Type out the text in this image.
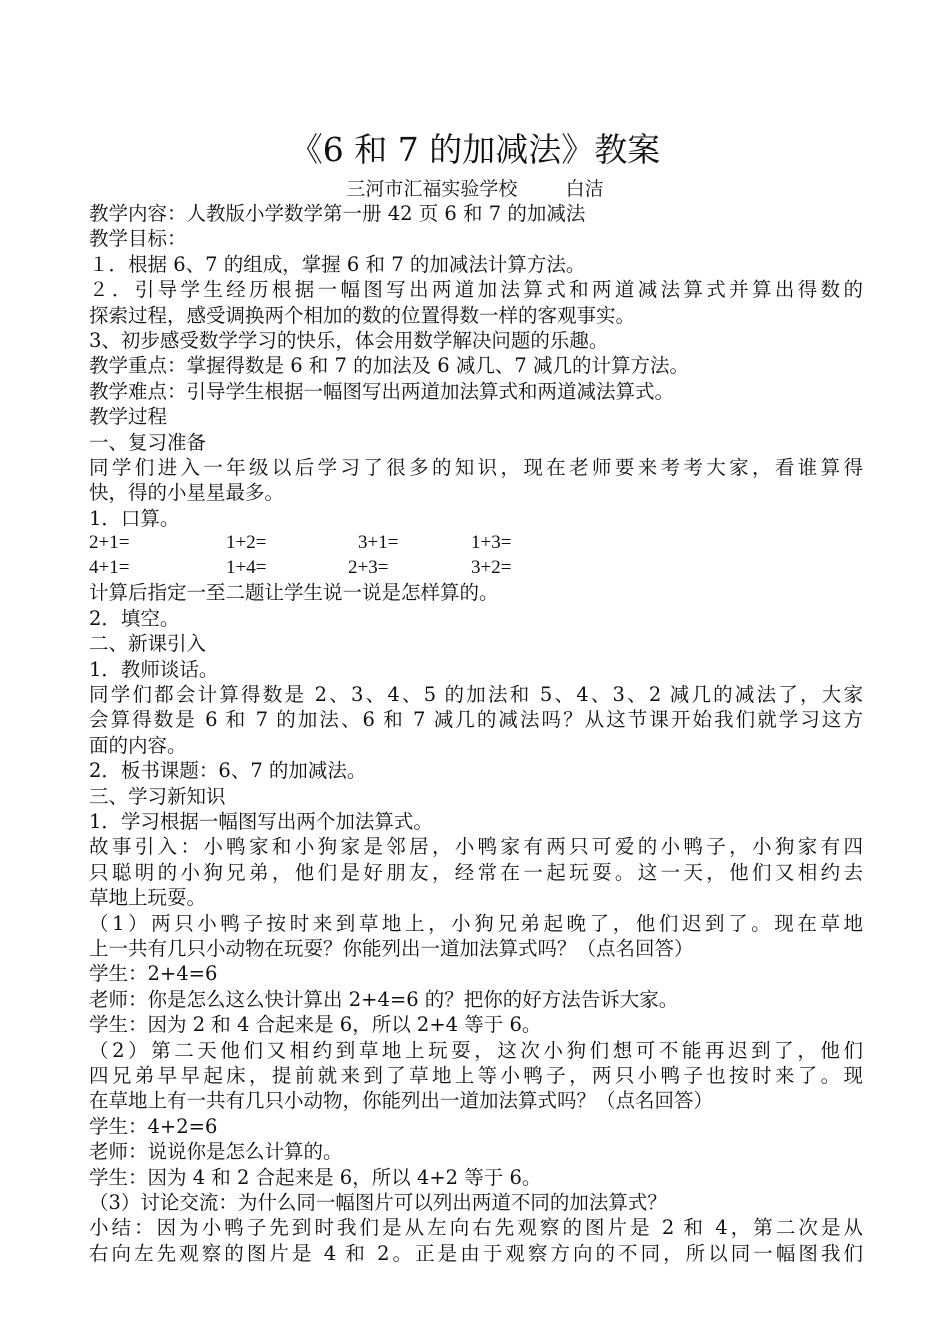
《6 和 7 的加减法》教案
三河市汇福实验学校        白洁

教学内容：人教版小学数学第一册 42 页 6 和 7 的加减法

教学目标：

１．根据 6、7 的组成，掌握 6 和 7 的加减法计算方法。

２．引导学生经历根据一幅图写出两道加法算式和两道减法算式并算出得数的

探索过程，感受调换两个相加的数的位置得数一样的客观事实。

3、初步感受数学学习的快乐，体会用数学解决问题的乐趣。

教学重点：掌握得数是 6 和 7 的加法及 6 减几、7 减几的计算方法。

教学难点：引导学生根据一幅图写出两道加法算式和两道减法算式。

教学过程

一、复习准备

同学们进入一年级以后学习了很多的知识，现在老师要来考考大家，看谁算得

快，得的小星星最多。

1．口算。

2+1=	1+2=	3+1=	1+3=
4+1=	1+4=	2+3=	3+2=

计算后指定一至二题让学生说一说是怎样算的。

2．填空。

二、新课引入

1．教师谈话。

同学们都会计算得数是 2、3、4、5 的加法和 5、4、3、2 减几的减法了，大家

会算得数是 6 和 7 的加法、6 和 7 减几的减法吗？从这节课开始我们就学习这方

面的内容。

2．板书课题：6、7 的加减法。

三、学习新知识

1．学习根据一幅图写出两个加法算式。

故事引入：小鸭家和小狗家是邻居，小鸭家有两只可爱的小鸭子，小狗家有四

只聪明的小狗兄弟，他们是好朋友，经常在一起玩耍。这一天，他们又相约去

草地上玩耍。

（1）两只小鸭子按时来到草地上，小狗兄弟起晚了，他们迟到了。现在草地

上一共有几只小动物在玩耍？你能列出一道加法算式吗？（点名回答）

学生：2+4=6

老师：你是怎么这么快计算出 2+4=6 的？把你的好方法告诉大家。

学生：因为 2 和 4 合起来是 6，所以 2+4 等于 6。

（2）第二天他们又相约到草地上玩耍，这次小狗们想可不能再迟到了，他们

四兄弟早早起床，提前就来到了草地上等小鸭子，两只小鸭子也按时来了。现

在草地上有一共有几只小动物，你能列出一道加法算式吗？（点名回答）

学生：4+2=6

老师：说说你是怎么计算的。

学生：因为 4 和 2 合起来是 6，所以 4+2 等于 6。

（3）讨论交流：为什么同一幅图片可以列出两道不同的加法算式？

小结：因为小鸭子先到时我们是从左向右先观察的图片是 2 和 4，第二次是从

右向左先观察的图片是 4 和 2。正是由于观察方向的不同，所以同一幅图我们
